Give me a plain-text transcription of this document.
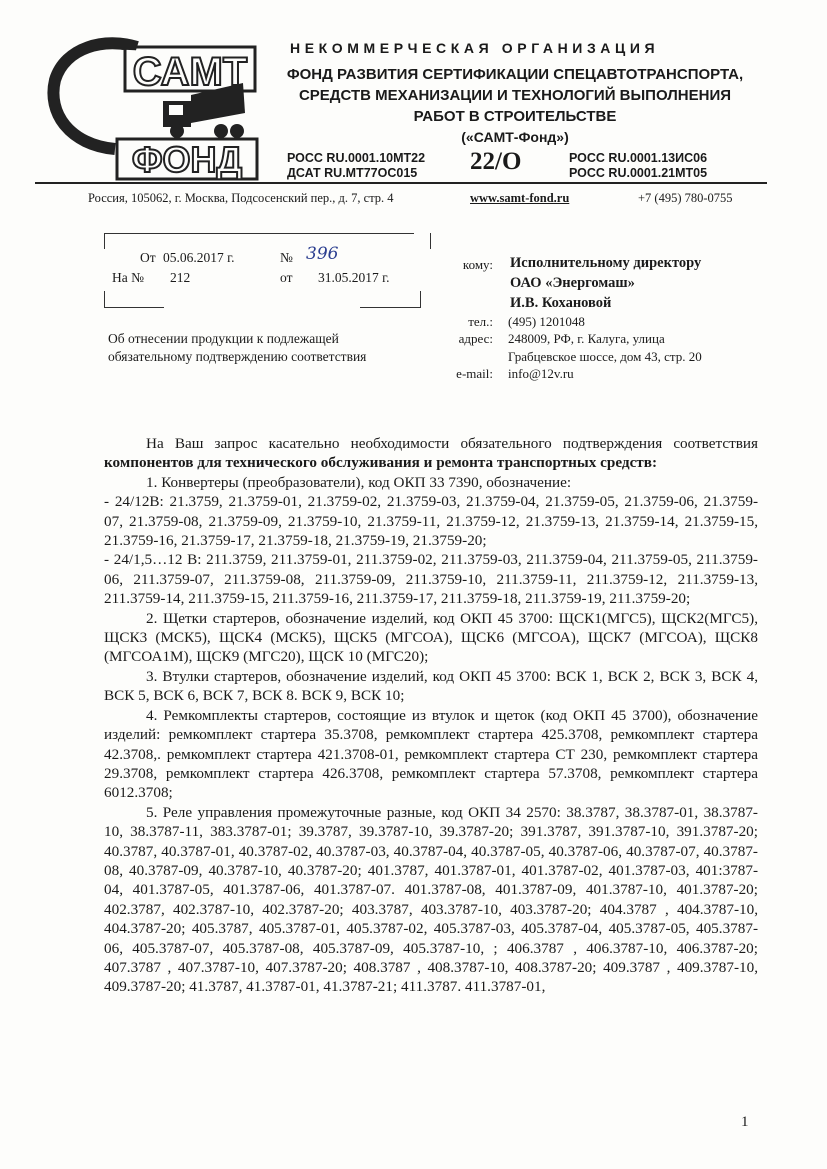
САМТ
ФОНД
НЕКОММЕРЧЕСКАЯ ОРГАНИЗАЦИЯ
ФОНД РАЗВИТИЯ СЕРТИФИКАЦИИ СПЕЦАВТОТРАНСПОРТА,
СРЕДСТВ МЕХАНИЗАЦИИ И ТЕХНОЛОГИЙ ВЫПОЛНЕНИЯ
РАБОТ В СТРОИТЕЛЬСТВЕ
(«САМТ-Фонд»)
РОСС RU.0001.10МТ22
ДСАТ RU.МТ77ОС015 22/О	РОСС RU.0001.13ИС06
РОСС RU.0001.21МТ05
Россия, 105062, г. Москва, Подсосенский пер., д. 7, стр. 4	www.samt-fond.ru	+7 (495) 780-0755
От 05.06.2017 г.	№ 396
На № 212	от 31.05.2017 г.
кому: Исполнительному директору
ОАО «Энергомаш»
И.В. Кохановой
тел.: (495) 1201048
адрес: 248009, РФ, г. Калуга, улица
Грабцевское шоссе, дом 43, стр. 20
e-mail: info@12v.ru
Об отнесении продукции к подлежащей
обязательному подтверждению соответствия

На Ваш запрос касательно необходимости обязательного подтверждения соответствия компонентов для технического обслуживания и ремонта транспортных средств:

1. Конвертеры (преобразователи), код ОКП 33 7390, обозначение:

- 24/12В: 21.3759, 21.3759-01, 21.3759-02, 21.3759-03, 21.3759-04, 21.3759-05, 21.3759-06, 21.3759-07, 21.3759-08, 21.3759-09, 21.3759-10, 21.3759-11, 21.3759-12, 21.3759-13, 21.3759-14, 21.3759-15, 21.3759-16, 21.3759-17, 21.3759-18, 21.3759-19, 21.3759-20;

- 24/1,5…12 В: 211.3759, 211.3759-01, 211.3759-02, 211.3759-03, 211.3759-04, 211.3759-05, 211.3759-06, 211.3759-07, 211.3759-08, 211.3759-09, 211.3759-10, 211.3759-11, 211.3759-12, 211.3759-13, 211.3759-14, 211.3759-15, 211.3759-16, 211.3759-17, 211.3759-18, 211.3759-19, 211.3759-20;

2. Щетки стартеров, обозначение изделий, код ОКП 45 3700: ЩСК1(МГС5), ЩСК2(МГС5), ЩСК3 (МСК5), ЩСК4 (МСК5), ЩСК5 (МГСОА), ЩСК6 (МГСОА), ЩСК7 (МГСОА), ЩСК8 (МГСОА1М), ЩСК9 (МГС20), ЩСК 10 (МГС20);

3. Втулки стартеров, обозначение изделий, код ОКП 45 3700: ВСК 1, ВСК 2, ВСК 3, ВСК 4, ВСК 5, ВСК 6, ВСК 7, ВСК 8. ВСК 9, ВСК 10;

4. Ремкомплекты стартеров, состоящие из втулок и щеток (код ОКП 45 3700), обозначение изделий: ремкомплект стартера 35.3708, ремкомплект стартера 425.3708, ремкомплект стартера 42.3708,. ремкомплект стартера 421.3708-01, ремкомплект стартера СТ 230, ремкомплект стартера 29.3708, ремкомплект стартера 426.3708, ремкомплект стартера 57.3708, ремкомплект стартера 6012.3708;

5. Реле управления промежуточные разные, код ОКП 34 2570: 38.3787, 38.3787-01, 38.3787-10, 38.3787-11, 383.3787-01; 39.3787, 39.3787-10, 39.3787-20; 391.3787, 391.3787-10, 391.3787-20; 40.3787, 40.3787-01, 40.3787-02, 40.3787-03, 40.3787-04, 40.3787-05, 40.3787-06, 40.3787-07, 40.3787-08, 40.3787-09, 40.3787-10, 40.3787-20; 401.3787, 401.3787-01, 401.3787-02, 401.3787-03, 401:3787-04, 401.3787-05, 401.3787-06, 401.3787-07. 401.3787-08, 401.3787-09, 401.3787-10, 401.3787-20; 402.3787, 402.3787-10, 402.3787-20; 403.3787, 403.3787-10, 403.3787-20; 404.3787 , 404.3787-10, 404.3787-20; 405.3787, 405.3787-01, 405.3787-02, 405.3787-03, 405.3787-04, 405.3787-05, 405.3787-06, 405.3787-07, 405.3787-08, 405.3787-09, 405.3787-10, ; 406.3787 , 406.3787-10, 406.3787-20; 407.3787 , 407.3787-10, 407.3787-20; 408.3787 , 408.3787-10, 408.3787-20; 409.3787 , 409.3787-10, 409.3787-20; 41.3787, 41.3787-01, 41.3787-21; 411.3787. 411.3787-01,

1
